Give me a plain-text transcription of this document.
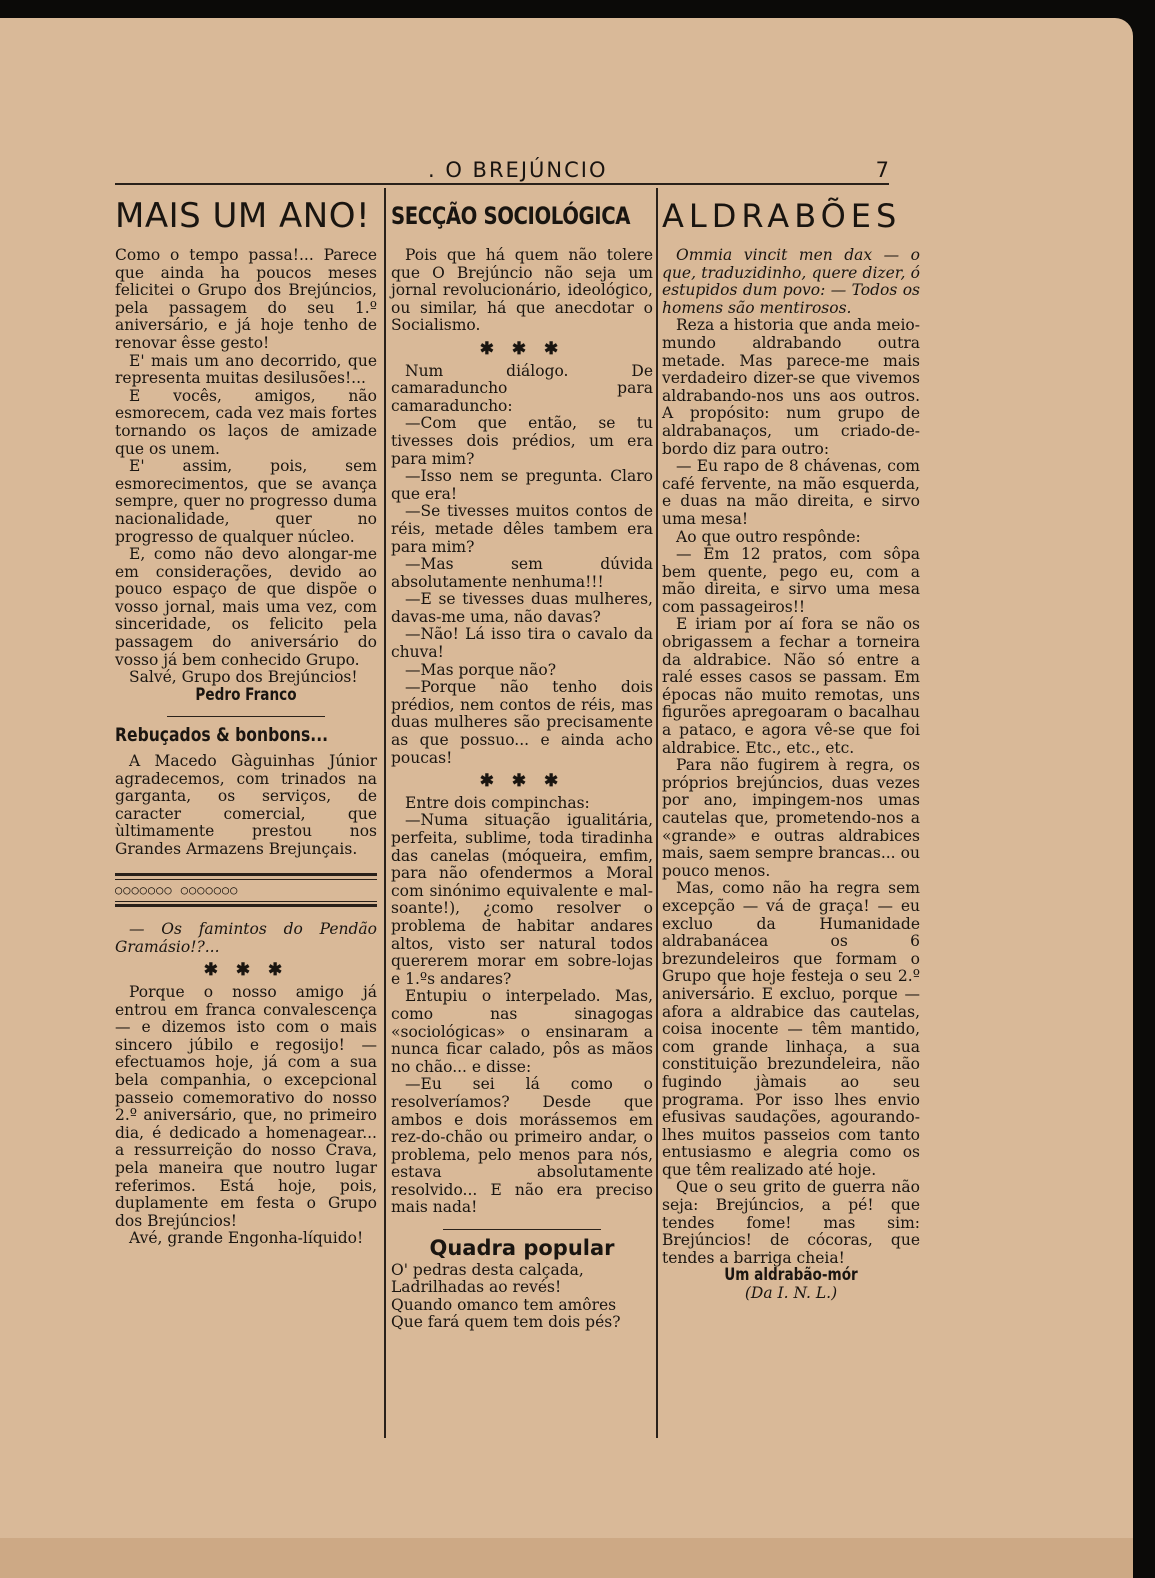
. O BREJÚNCIO	7
MAIS UM ANO!

Como o tempo passa!... Parece que ainda ha poucos meses felicitei o Grupo dos Brejúncios, pela passagem do seu 1.º aniversário, e já hoje tenho de renovar êsse gesto!

E' mais um ano decorrido, que representa muitas desilusões!...

E vocês, amigos, não esmorecem, cada vez mais fortes tornando os laços de amizade que os unem.

E' assim, pois, sem esmorecimentos, que se avança sempre, quer no progresso duma nacionalidade, quer no progresso de qualquer núcleo.

E, como não devo alongar-me em considerações, devido ao pouco espaço de que dispõe o vosso jornal, mais uma vez, com sinceridade, os felicito pela passagem do aniversário do vosso já bem conhecido Grupo.

Salvé, Grupo dos Brejúncios!

Pedro Franco

Rebuçados & bonbons...

A Macedo Gàguinhas Júnior agradecemos, com trinados na garganta, os serviços, de caracter comercial, que ùltimamente prestou nos Grandes Armazens Brejunçais.

○○○○○○○ ○○○○○○○

— Os famintos do Pendão Gramásio!?...

✱ ✱ ✱

Porque o nosso amigo já entrou em franca convalescença — e dizemos isto com o mais sincero júbilo e regosijo! — efectuamos hoje, já com a sua bela companhia, o excepcional passeio comemorativo do nosso 2.º aniversário, que, no primeiro dia, é dedicado a homenagear... a ressurreição do nosso Crava, pela maneira que noutro lugar referimos. Está hoje, pois, duplamente em festa o Grupo dos Brejúncios!

Avé, grande Engonha-líquido!

SECÇÃO SOCIOLÓGICA

Pois que há quem não tolere que O Brejúncio não seja um jornal revolucionário, ideológico, ou similar, há que anecdotar o Socialismo.

✱ ✱ ✱

Num diálogo. De camaraduncho para camaraduncho:

—Com que então, se tu tivesses dois prédios, um era para mim?

—Isso nem se pregunta. Claro que era!

—Se tivesses muitos contos de réis, metade dêles tambem era para mim?

—Mas sem dúvida absolutamente nenhuma!!!

—E se tivesses duas mulheres, davas-me uma, não davas?

—Não! Lá isso tira o cavalo da chuva!

—Mas porque não?

—Porque não tenho dois prédios, nem contos de réis, mas duas mulheres são precisamente as que possuo... e ainda acho poucas!

✱ ✱ ✱

Entre dois compinchas:

—Numa situação igualitária, perfeita, sublime, toda tiradinha das canelas (móqueira, emfim, para não ofendermos a Moral com sinónimo equivalente e mal-soante!), ¿como resolver o problema de habitar andares altos, visto ser natural todos quererem morar em sobre-lojas e 1.ºs andares?

Entupiu o interpelado. Mas, como nas sinagogas «sociológicas» o ensinaram a nunca ficar calado, pôs as mãos no chão... e disse:

—Eu sei lá como o resolveríamos? Desde que ambos e dois morássemos em rez-do-chão ou primeiro andar, o problema, pelo menos para nós, estava absolutamente resolvido... E não era preciso mais nada!

Quadra popular

O' pedras desta calçada,

Ladrilhadas ao revés!

Quando omanco tem amôres

Que fará quem tem dois pés?

ALDRABÕES

Ommia vincit men dax — o que, traduzidinho, quere dizer, ó estupidos dum povo: — Todos os homens são mentirosos.

Reza a historia que anda meio-mundo aldrabando outra metade. Mas parece-me mais verdadeiro dizer-se que vivemos aldrabando-nos uns aos outros. A propósito: num grupo de aldrabanaços, um criado-de-bordo diz para outro:

— Eu rapo de 8 chávenas, com café fervente, na mão esquerda, e duas na mão direita, e sirvo uma mesa!

Ao que outro respônde:

— Em 12 pratos, com sôpa bem quente, pego eu, com a mão direita, e sirvo uma mesa com passageiros!!

E iriam por aí fora se não os obrigassem a fechar a torneira da aldrabice. Não só entre a ralé esses casos se passam. Em épocas não muito remotas, uns figurões apregoaram o bacalhau a pataco, e agora vê-se que foi aldrabice. Etc., etc., etc.

Para não fugirem à regra, os próprios brejúncios, duas vezes por ano, impingem-nos umas cautelas que, prometendo-nos a «grande» e outras aldrabices mais, saem sempre brancas... ou pouco menos.

Mas, como não ha regra sem excepção — vá de graça! — eu excluo da Humanidade aldrabanácea os 6 brezundeleiros que formam o Grupo que hoje festeja o seu 2.º aniversário. E excluo, porque — afora a aldrabice das cautelas, coisa inocente — têm mantido, com grande linhaça, a sua constituição brezundeleira, não fugindo jàmais ao seu programa. Por isso lhes envio efusivas saudações, agourando-lhes muitos passeios com tanto entusiasmo e alegria como os que têm realizado até hoje.

Que o seu grito de guerra não seja: Brejúncios, a pé! que tendes fome! mas sim: Brejúncios! de cócoras, que tendes a barriga cheia!

Um aldrabão-mór

(Da I. N. L.)
